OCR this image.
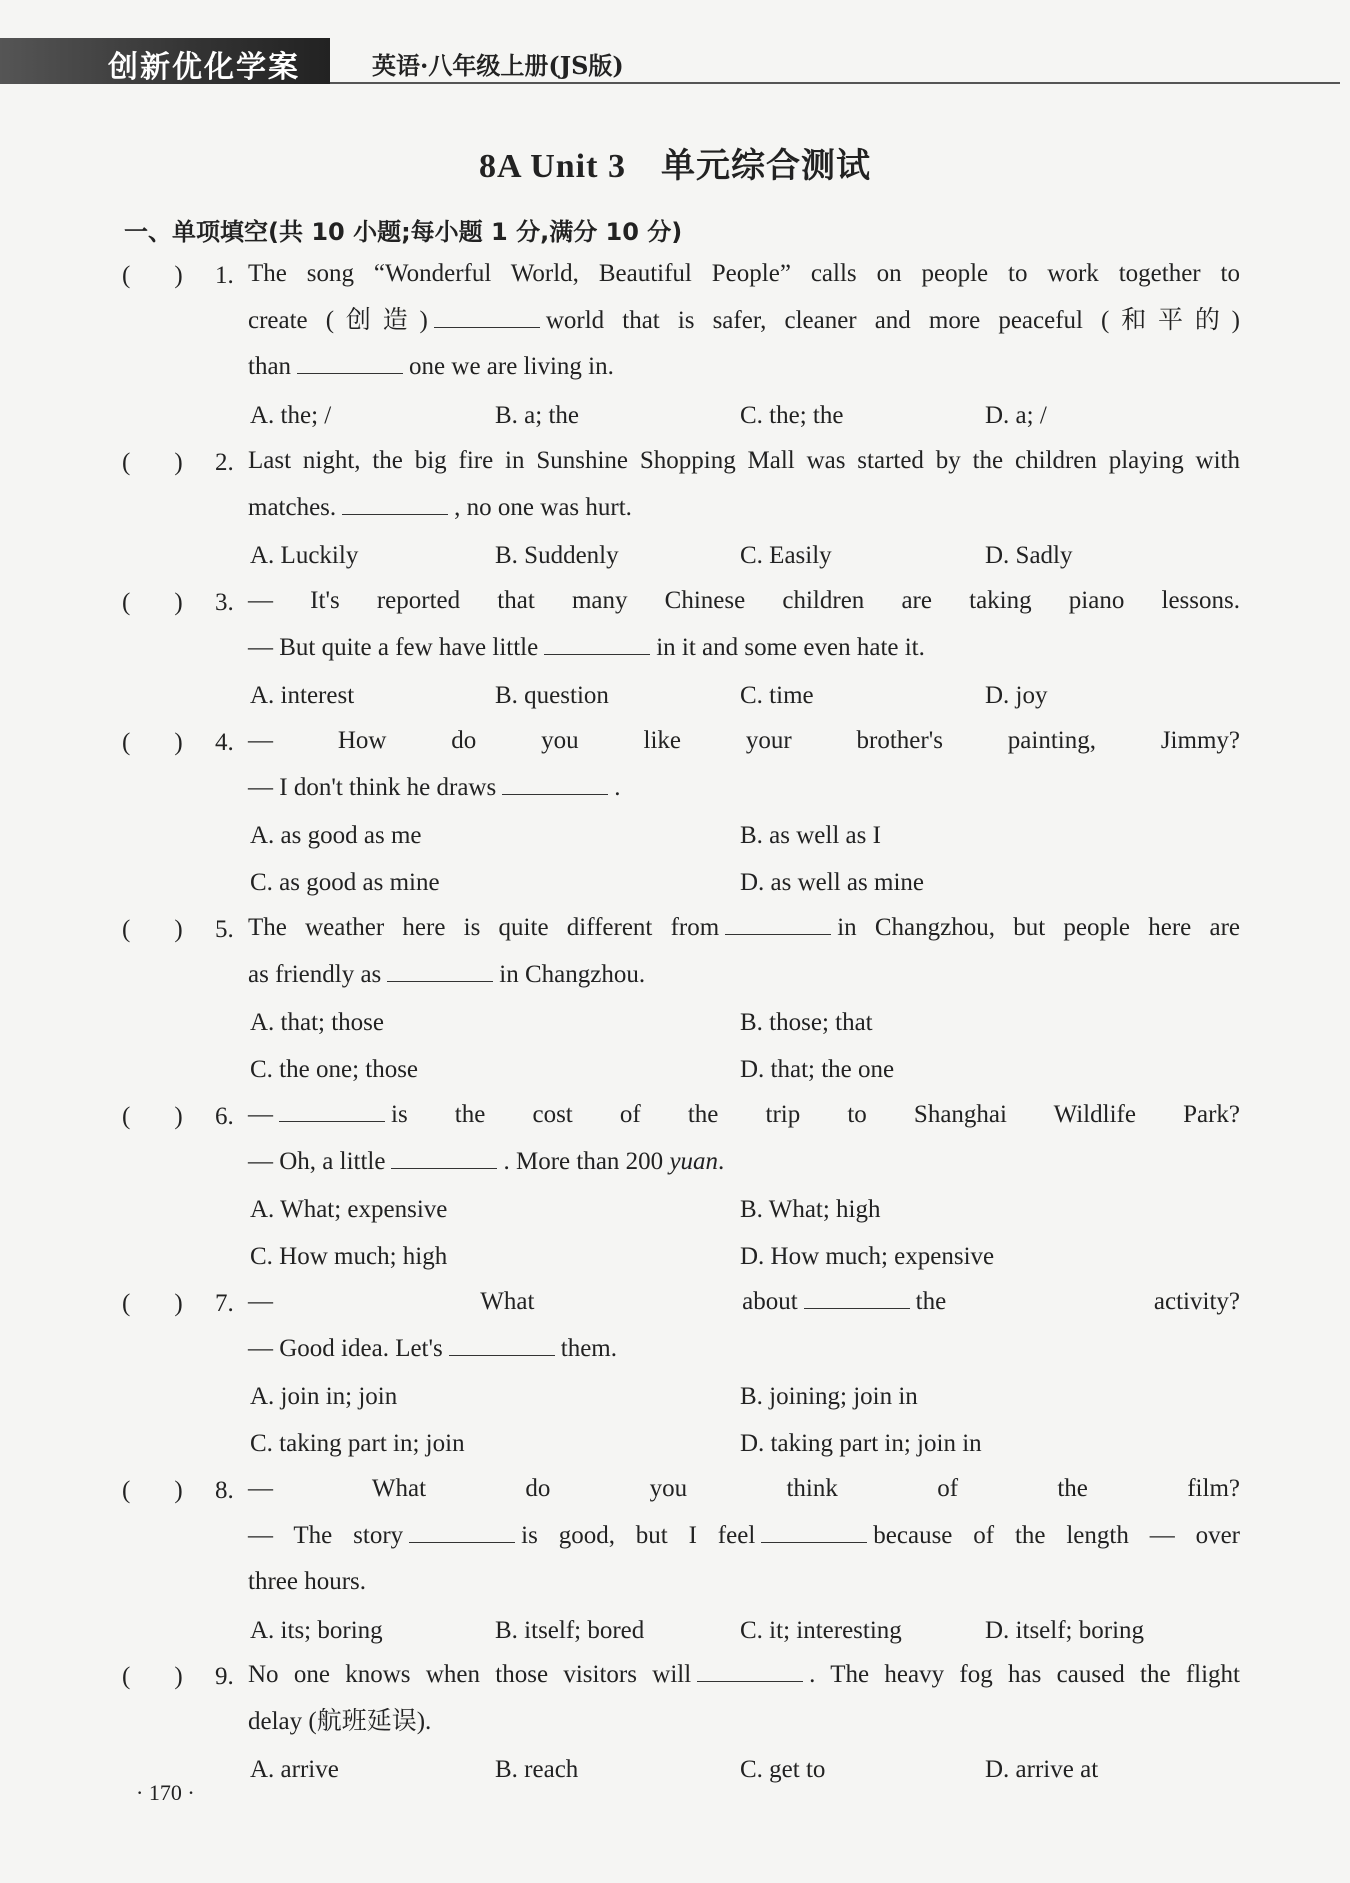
创新优化学案	英语·八年级上册(JS版)
8A Unit 3　单元综合测试
一、单项填空(共 10 小题;每小题 1 分,满分 10 分)
( ) 1. The song “Wonderful World, Beautiful People” calls on people to work together to
create (创造)	world that is safer, cleaner and more peaceful (和平的)
than	one we are living in.
A. the; /	B. a; the	C. the; the	D. a; /
( ) 2. Last night, the big fire in Sunshine Shopping Mall was started by the children playing with
matches.	, no one was hurt.
A. Luckily	B. Suddenly	C. Easily	D. Sadly
( ) 3. — It's reported that many Chinese children are taking piano lessons.
— But quite a few have little	in it and some even hate it.
A. interest	B. question	C. time	D. joy
( ) 4. — How do you like your brother's painting, Jimmy?
— I don't think he draws	.
A. as good as me	B. as well as I
C. as good as mine	D. as well as mine
( ) 5. The weather here is quite different from	in Changzhou, but people here are
as friendly as	in Changzhou.
A. that; those	B. those; that
C. the one; those	D. that; the one
( ) 6. —	is the cost of the trip to Shanghai Wildlife Park?
— Oh, a little	. More than 200 yuan.
A. What; expensive	B. What; high
C. How much; high	D. How much; expensive
( ) 7. — What about	the activity?
— Good idea. Let's	them.
A. join in; join	B. joining; join in
C. taking part in; join	D. taking part in; join in
( ) 8. — What do you think of the film?
— The story	is good, but I feel	because of the length — over
three hours.
A. its; boring	B. itself; bored	C. it; interesting	D. itself; boring
( ) 9. No one knows when those visitors will	. The heavy fog has caused the flight
delay (航班延误).
A. arrive	B. reach	C. get to	D. arrive at
· 170 ·
